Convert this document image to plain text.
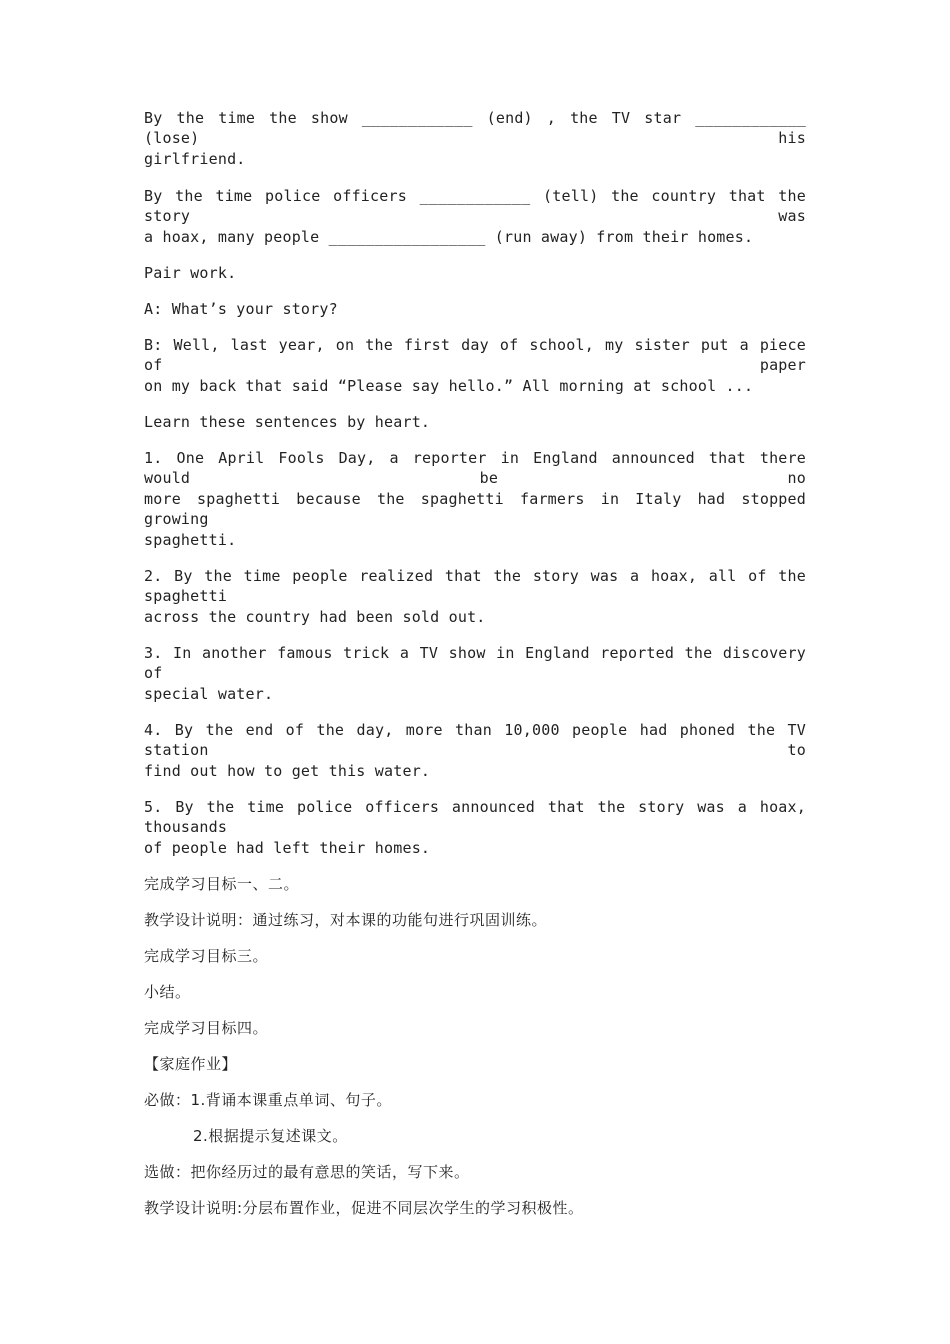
By the time the show ____________ (end) , the TV star ____________ (lose) his
girlfriend.
By the time police officers ____________ (tell) the country that the story was
a hoax, many people _________________ (run away) from their homes.
Pair work.
A: What’s your story?
B: Well, last year, on the first day of school, my sister put a piece of paper
on my back that said “Please say hello.” All morning at school ...
Learn these sentences by heart.
1. One April Fools Day, a reporter in England announced that there would be no
more spaghetti because the spaghetti farmers in Italy had stopped growing
spaghetti.
2. By the time people realized that the story was a hoax, all of the spaghetti
across the country had been sold out.
3. In another famous trick a TV show in England reported the discovery of
special water.
4. By the end of the day, more than 10,000 people had phoned the TV station to
find out how to get this water.
5. By the time police officers announced that the story was a hoax, thousands
of people had left their homes.
完成学习目标一、二。
教学设计说明：通过练习，对本课的功能句进行巩固训练。
完成学习目标三。
小结。
完成学习目标四。
【家庭作业】
必做：1.背诵本课重点单词、句子。
2.根据提示复述课文。
选做：把你经历过的最有意思的笑话，写下来。
教学设计说明:分层布置作业，促进不同层次学生的学习积极性。
